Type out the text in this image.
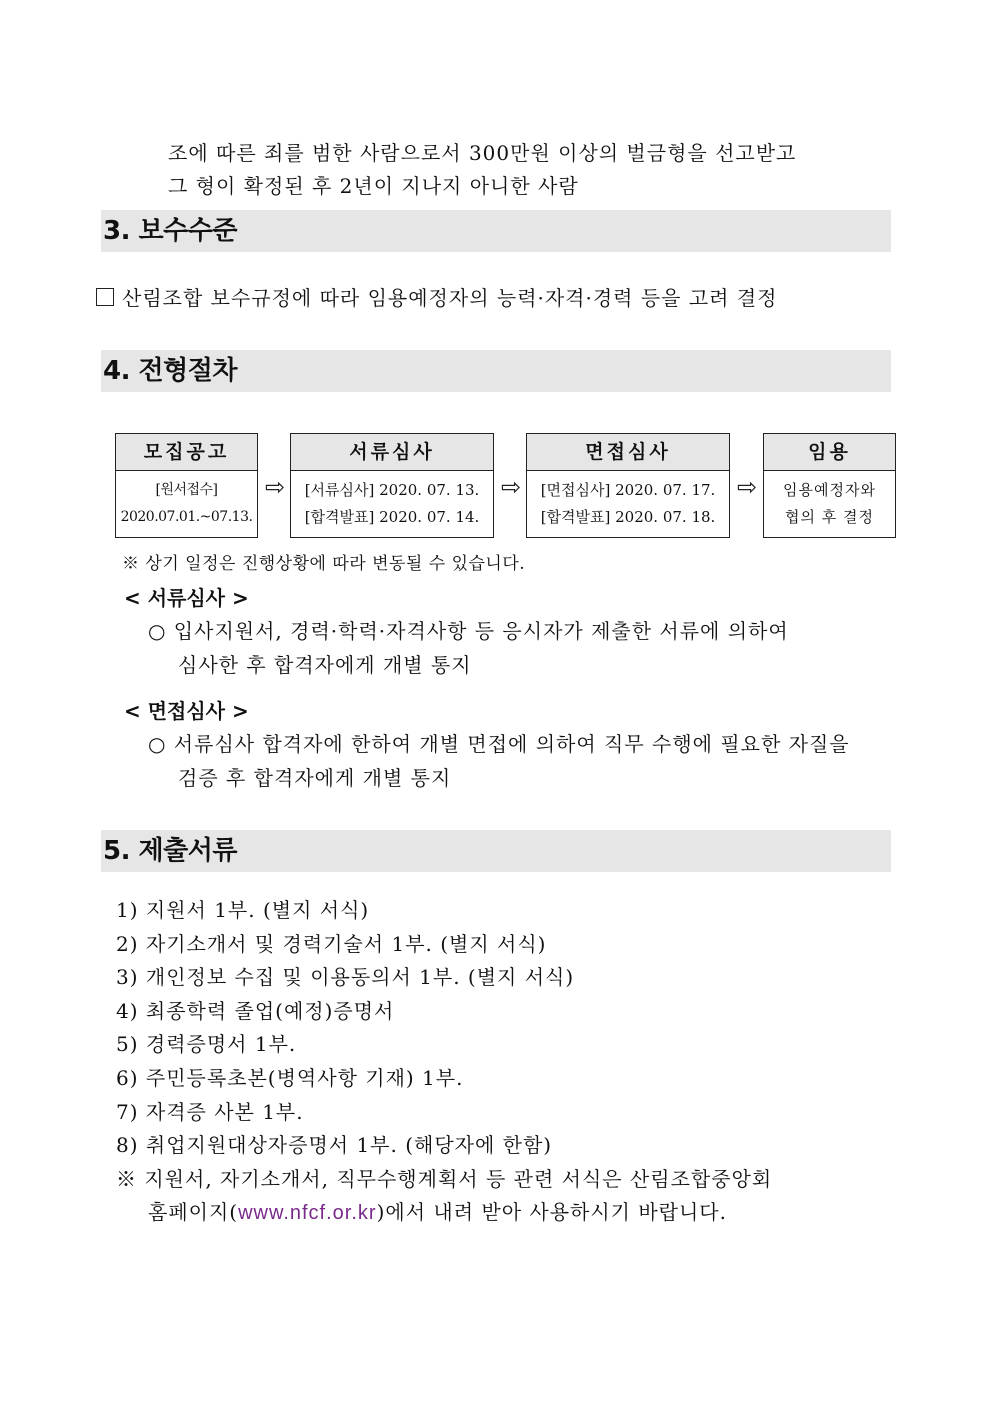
조에 따른 죄를 범한 사람으로서 300만원 이상의 벌금형을 선고받고
그 형이 확정된 후 2년이 지나지 아니한 사람
3. 보수수준
산림조합 보수규정에 따라 임용예정자의 능력·자격·경력 등을 고려 결정
4. 전형절차
모집공고
[원서접수]
2020.07.01.~07.13.
⇨
서류심사
[서류심사] 2020. 07. 13.
[합격발표] 2020. 07. 14.
⇨
면접심사
[면접심사] 2020. 07. 17.
[합격발표] 2020. 07. 18.
⇨
임용
임용예정자와
협의 후 결정
※ 상기 일정은 진행상황에 따라 변동될 수 있습니다.
< 서류심사 >
○ 입사지원서, 경력·학력·자격사항 등 응시자가 제출한 서류에 의하여
심사한 후 합격자에게 개별 통지
< 면접심사 >
○ 서류심사 합격자에 한하여 개별 면접에 의하여 직무 수행에 필요한 자질을
검증 후 합격자에게 개별 통지
5. 제출서류
1) 지원서 1부. (별지 서식)
2) 자기소개서 및 경력기술서 1부. (별지 서식)
3) 개인정보 수집 및 이용동의서 1부. (별지 서식)
4) 최종학력 졸업(예정)증명서
5) 경력증명서 1부.
6) 주민등록초본(병역사항 기재) 1부.
7) 자격증 사본 1부.
8) 취업지원대상자증명서 1부. (해당자에 한함)
※ 지원서, 자기소개서, 직무수행계획서 등 관련 서식은 산림조합중앙회
홈페이지(www.nfcf.or.kr)에서 내려 받아 사용하시기 바랍니다.
